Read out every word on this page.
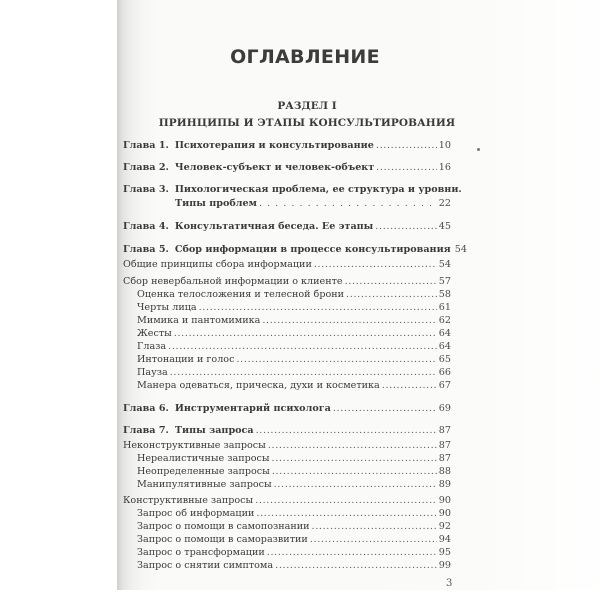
ОГЛАВЛЕНИЕ
РАЗДЕЛ I
ПРИНЦИПЫ И ЭТАПЫ КОНСУЛЬТИРОВАНИЯ
Глава 1. Психотерапия и консультирование . . .	10
Глава 2. Человек-субъект и человек-объект . . .	16
Глава 3. Пихологическая проблема, ее структура и уровни.
Типы проблем . . .	22
Глава 4. Консультатичная беседа. Ее этапы . . .	45
Глава 5. Сбор информации в процессе консультирования 54
Общие принципы сбора информации . . .	54
Сбор невербальной информации о клиенте . . .	57
Оценка телосложения и телесной брони . . .	58
Черты лица . . .	61
Мимика и пантомимика . . .	62
Жесты . . .	64
Глаза . . .	64
Интонации и голос . . .	65
Пауза . . .	66
Манера одеваться, прическа, духи и косметика . . .	67
Глава 6. Инструментарий психолога . . .	69
Глава 7. Типы запроса . . .	87
Неконструктивные запросы . . .	87
Нереалистичные запросы . . .	87
Неопределенные запросы . . .	88
Манипулятивные запросы . . .	89
Конструктивные запросы . . .	90
Запрос об информации . . .	90
Запрос о помощи в самопознании . . .	92
Запрос о помощи в саморазвитии . . .	94
Запрос о трансформации . . .	95
Запрос о снятии симптома . . .	99
3
